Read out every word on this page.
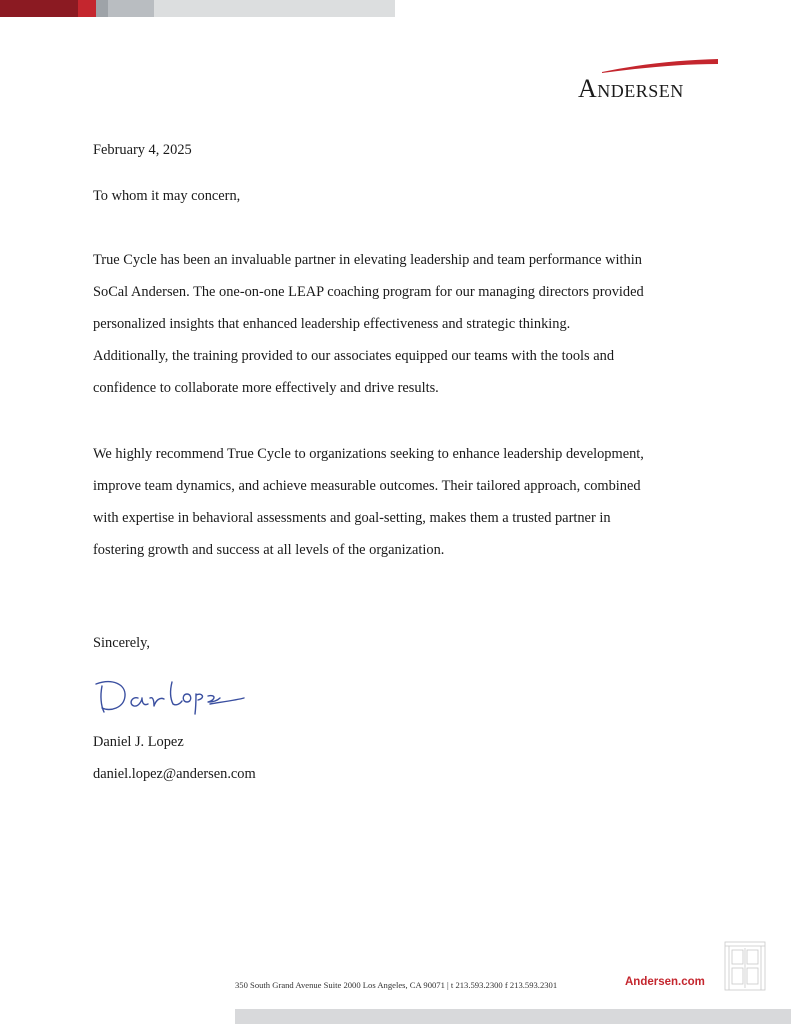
Andersen
February 4, 2025
To whom it may concern,
True Cycle has been an invaluable partner in elevating leadership and team performance within
SoCal Andersen. The one-on-one LEAP coaching program for our managing directors provided
personalized insights that enhanced leadership effectiveness and strategic thinking.
Additionally, the training provided to our associates equipped our teams with the tools and
confidence to collaborate more effectively and drive results.
We highly recommend True Cycle to organizations seeking to enhance leadership development,
improve team dynamics, and achieve measurable outcomes. Their tailored approach, combined
with expertise in behavioral assessments and goal-setting, makes them a trusted partner in
fostering growth and success at all levels of the organization.
Sincerely,
Daniel J. Lopez
daniel.lopez@andersen.com
350 South Grand Avenue Suite 2000 Los Angeles, CA 90071 | t 213.593.2300 f 213.593.2301	Andersen.com
